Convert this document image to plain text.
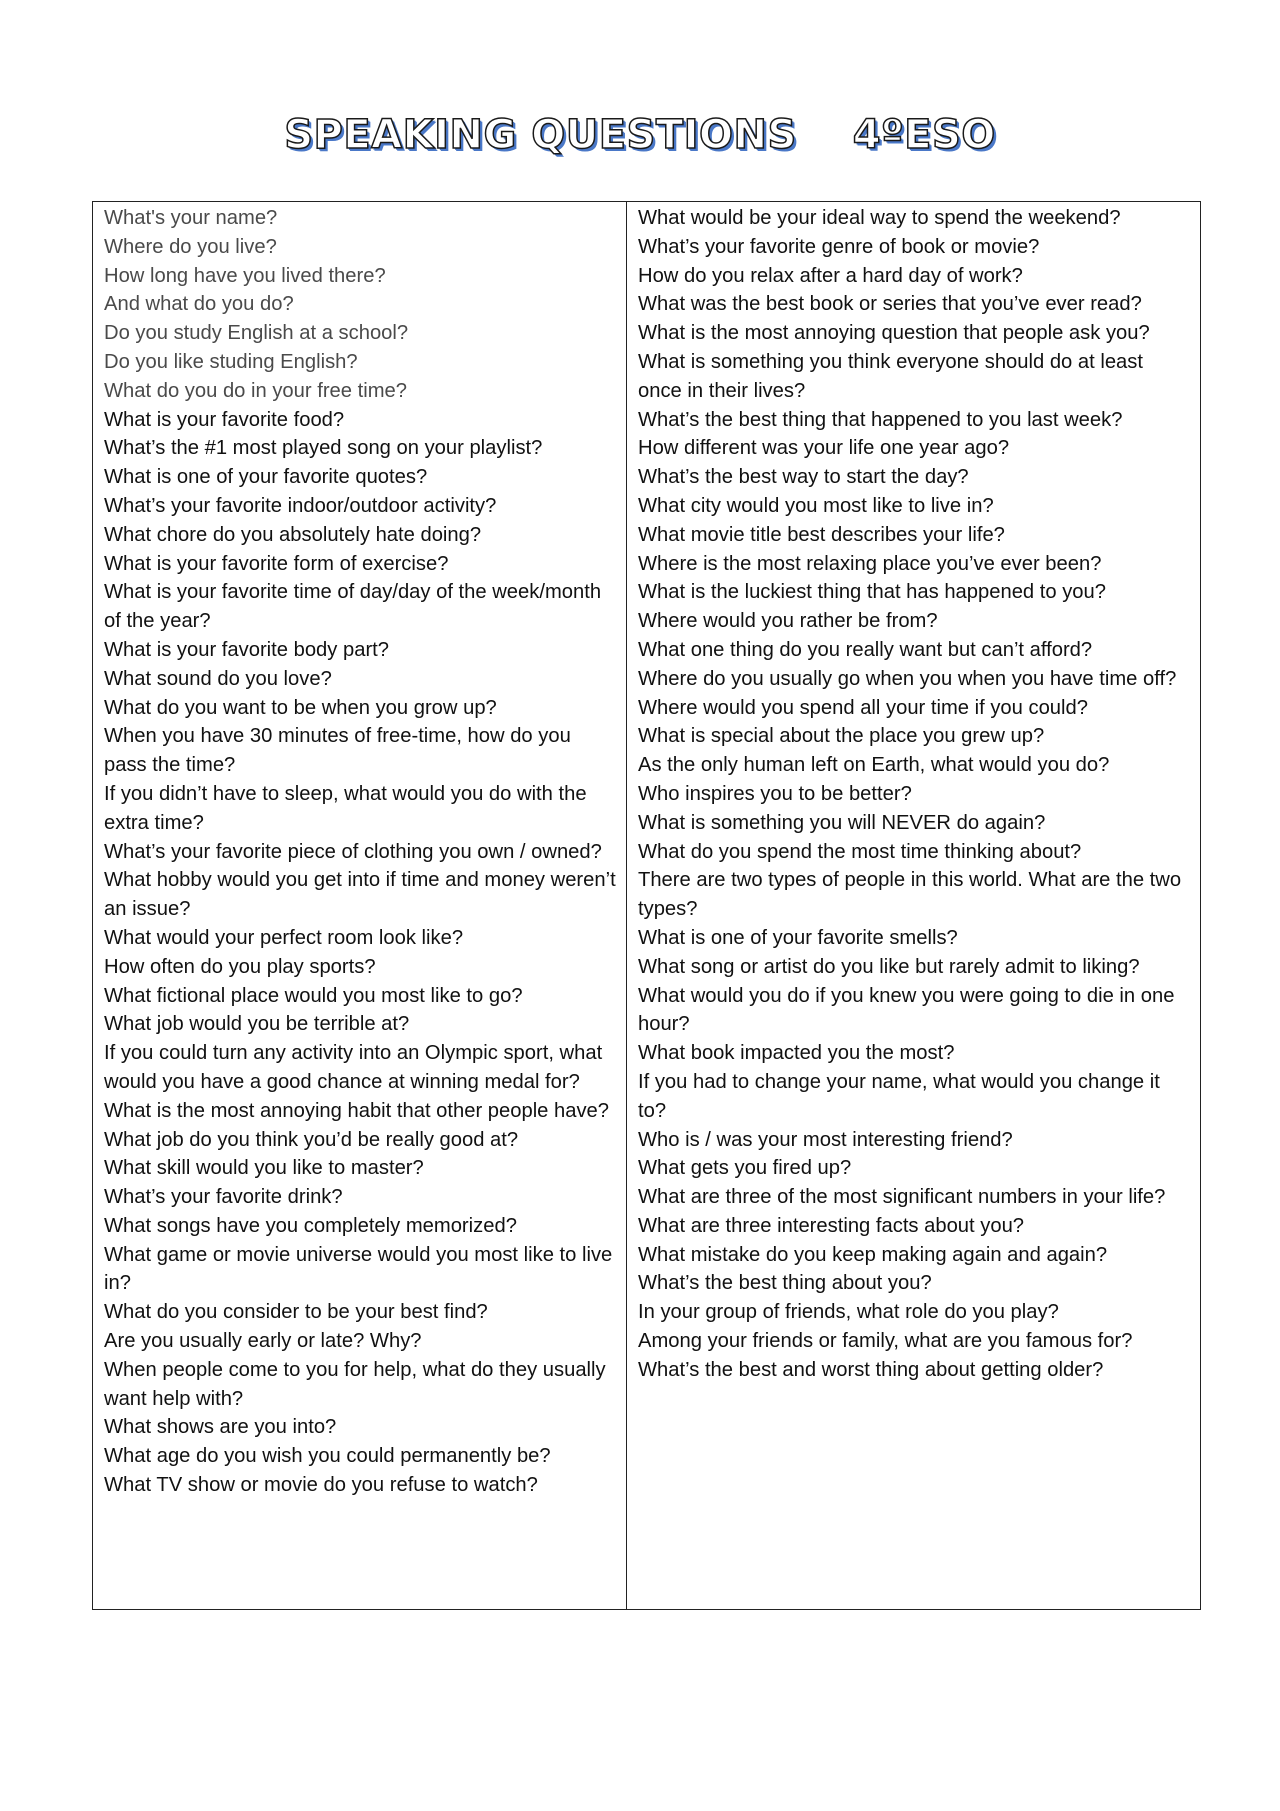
SPEAKING QUESTIONS 4ºESO
What's your name?
Where do you live?
How long have you lived there?
And what do you do?
Do you study English at a school?
Do you like studing English?
What do you do in your free time?
What is your favorite food?
What’s the #1 most played song on your playlist?
What is one of your favorite quotes?
What’s your favorite indoor/outdoor activity?
What chore do you absolutely hate doing?
What is your favorite form of exercise?
What is your favorite time of day/day of the week/month of the year?
What is your favorite body part?
What sound do you love?
What do you want to be when you grow up?
When you have 30 minutes of free-time, how do you pass the time?
If you didn’t have to sleep, what would you do with the extra time?
What’s your favorite piece of clothing you own / owned?
What hobby would you get into if time and money weren’t an issue?
What would your perfect room look like?
How often do you play sports?
What fictional place would you most like to go?
What job would you be terrible at?
If you could turn any activity into an Olympic sport, what would you have a good chance at winning medal for?
What is the most annoying habit that other people have?
What job do you think you’d be really good at?
What skill would you like to master?
What’s your favorite drink?
What songs have you completely memorized?
What game or movie universe would you most like to live in?
What do you consider to be your best find?
Are you usually early or late? Why?
When people come to you for help, what do they usually want help with?
What shows are you into?
What age do you wish you could permanently be?
What TV show or movie do you refuse to watch?
What would be your ideal way to spend the weekend?
What’s your favorite genre of book or movie?
How do you relax after a hard day of work?
What was the best book or series that you’ve ever read?
What is the most annoying question that people ask you?
What is something you think everyone should do at least once in their lives?
What’s the best thing that happened to you last week?
How different was your life one year ago?
What’s the best way to start the day?
What city would you most like to live in?
What movie title best describes your life?
Where is the most relaxing place you’ve ever been?
What is the luckiest thing that has happened to you?
Where would you rather be from?
What one thing do you really want but can’t afford?
Where do you usually go when you when you have time off?
Where would you spend all your time if you could?
What is special about the place you grew up?
As the only human left on Earth, what would you do?
Who inspires you to be better?
What is something you will NEVER do again?
What do you spend the most time thinking about?
There are two types of people in this world. What are the two types?
What is one of your favorite smells?
What song or artist do you like but rarely admit to liking?
What would you do if you knew you were going to die in one hour?
What book impacted you the most?
If you had to change your name, what would you change it to?
Who is / was your most interesting friend?
What gets you fired up?
What are three of the most significant numbers in your life?
What are three interesting facts about you?
What mistake do you keep making again and again?
What’s the best thing about you?
In your group of friends, what role do you play?
Among your friends or family, what are you famous for?
What’s the best and worst thing about getting older?
